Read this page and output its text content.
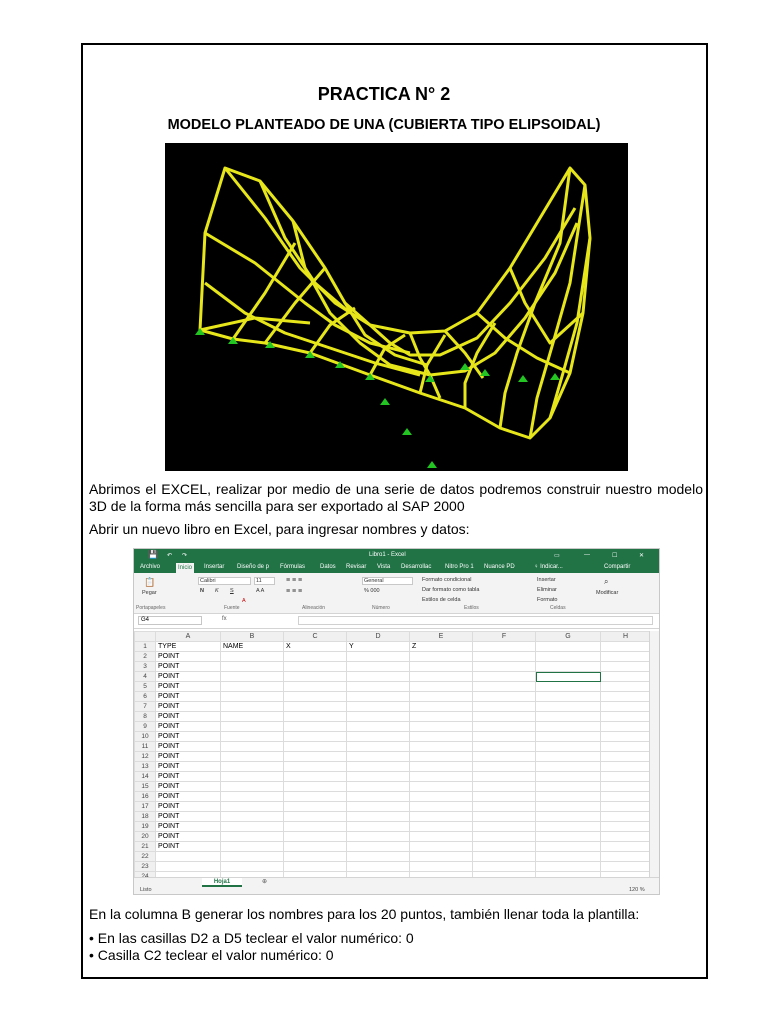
PRACTICA N° 2
MODELO PLANTEADO DE UNA (CUBIERTA TIPO ELIPSOIDAL)
Abrimos el EXCEL, realizar por medio de una serie de datos podremos construir nuestro modelo 3D de la forma más sencilla para ser exportado al SAP 2000
Abrir un nuevo libro en Excel, para ingresar nombres y datos:
💾 ↶ ↷	Libro1 - Excel	▭	—	☐	✕
Archivo	Inicio	Insertar Diseño de p Fórmulas Datos Revisar Vista Desarrollac Nitro Pro 1 Nuance PD	♀ Indicar...	Compartir
📋
Pegar
Calibri	11
N K S	A A
A
≡ ≡ ≡
≡ ≡ ≡
General
% 000
Formato condicional
Dar formato como tabla
Estilos de celda
Insertar
Eliminar
Formato
⌕
Modificar
Portapapeles	Fuente	Alineación	Número	Estilos	Celdas
G4	fx
	A	B	C	D	E	F	G	H	
1	TYPE	NAME	X	Y	Z				
2	POINT								
3	POINT								
4	POINT								
5	POINT								
6	POINT								
7	POINT								
8	POINT								
9	POINT								
10	POINT								
11	POINT								
12	POINT								
13	POINT								
14	POINT								
15	POINT								
16	POINT								
17	POINT								
18	POINT								
19	POINT								
20	POINT								
21	POINT								
22									
23									

Hoja1	⊕
Listo	120 %
En la columna B generar los nombres para los 20 puntos, también llenar toda la plantilla:
• En las casillas D2 a D5 teclear el valor numérico: 0
• Casilla C2 teclear el valor numérico: 0
